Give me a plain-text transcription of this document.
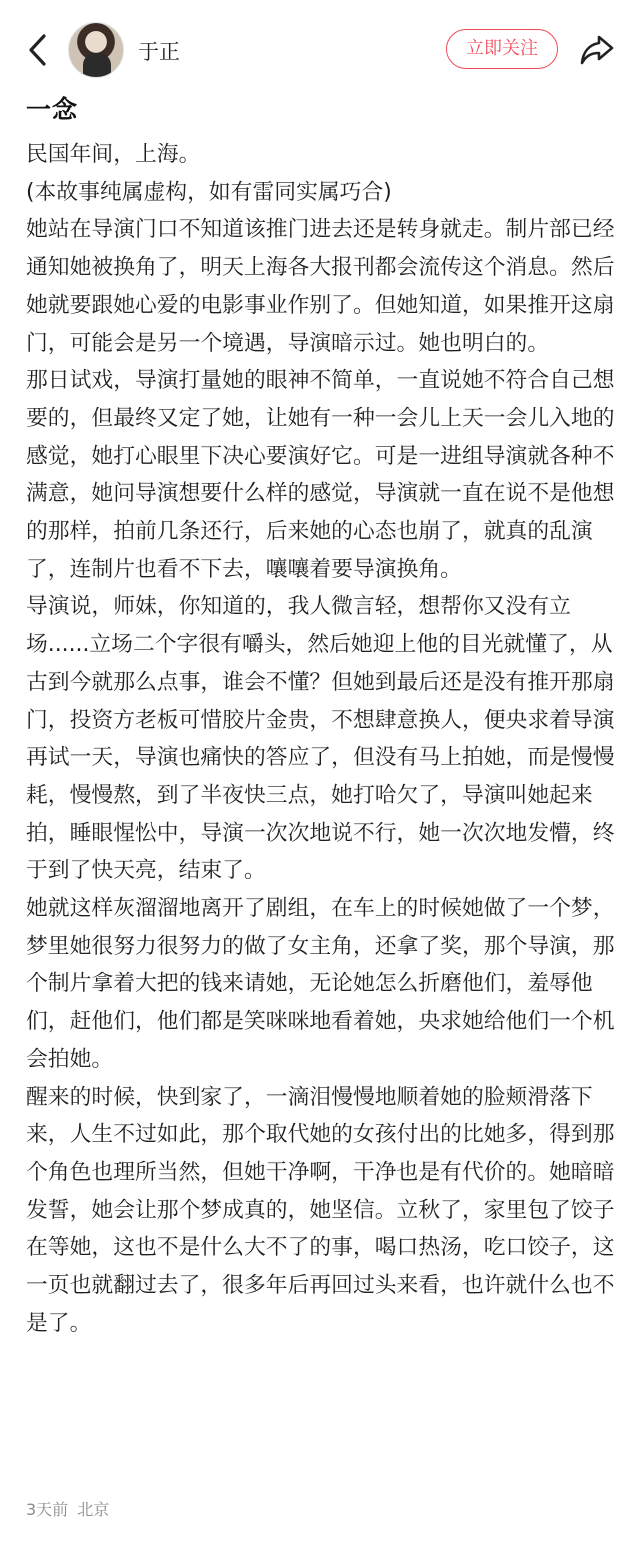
于正	立即关注
一念

民国年间，上海。

(本故事纯属虚构，如有雷同实属巧合)

她站在导演门口不知道该推门进去还是转身就走。制片部已经通知她被换角了，明天上海各大报刊都会流传这个消息。然后她就要跟她心爱的电影事业作别了。但她知道，如果推开这扇门，可能会是另一个境遇，导演暗示过。她也明白的。

那日试戏，导演打量她的眼神不简单，一直说她不符合自己想要的，但最终又定了她，让她有一种一会儿上天一会儿入地的感觉，她打心眼里下决心要演好它。可是一进组导演就各种不满意，她问导演想要什么样的感觉，导演就一直在说不是他想的那样，拍前几条还行，后来她的心态也崩了，就真的乱演了，连制片也看不下去，嚷嚷着要导演换角。

导演说，师妹，你知道的，我人微言轻，想帮你又没有立场......立场二个字很有嚼头，然后她迎上他的目光就懂了，从古到今就那么点事，谁会不懂？但她到最后还是没有推开那扇门，投资方老板可惜胶片金贵，不想肆意换人，便央求着导演再试一天，导演也痛快的答应了，但没有马上拍她，而是慢慢耗，慢慢熬，到了半夜快三点，她打哈欠了，导演叫她起来拍，睡眼惺忪中，导演一次次地说不行，她一次次地发懵，终于到了快天亮，结束了。

她就这样灰溜溜地离开了剧组，在车上的时候她做了一个梦，梦里她很努力很努力的做了女主角，还拿了奖，那个导演，那个制片拿着大把的钱来请她，无论她怎么折磨他们，羞辱他们，赶他们，他们都是笑咪咪地看着她，央求她给他们一个机会拍她。

醒来的时候，快到家了，一滴泪慢慢地顺着她的脸颊滑落下来，人生不过如此，那个取代她的女孩付出的比她多，得到那个角色也理所当然，但她干净啊，干净也是有代价的。她暗暗发誓，她会让那个梦成真的，她坚信。立秋了，家里包了饺子在等她，这也不是什么大不了的事，喝口热汤，吃口饺子，这一页也就翻过去了，很多年后再回过头来看，也许就什么也不是了。

3天前 北京
